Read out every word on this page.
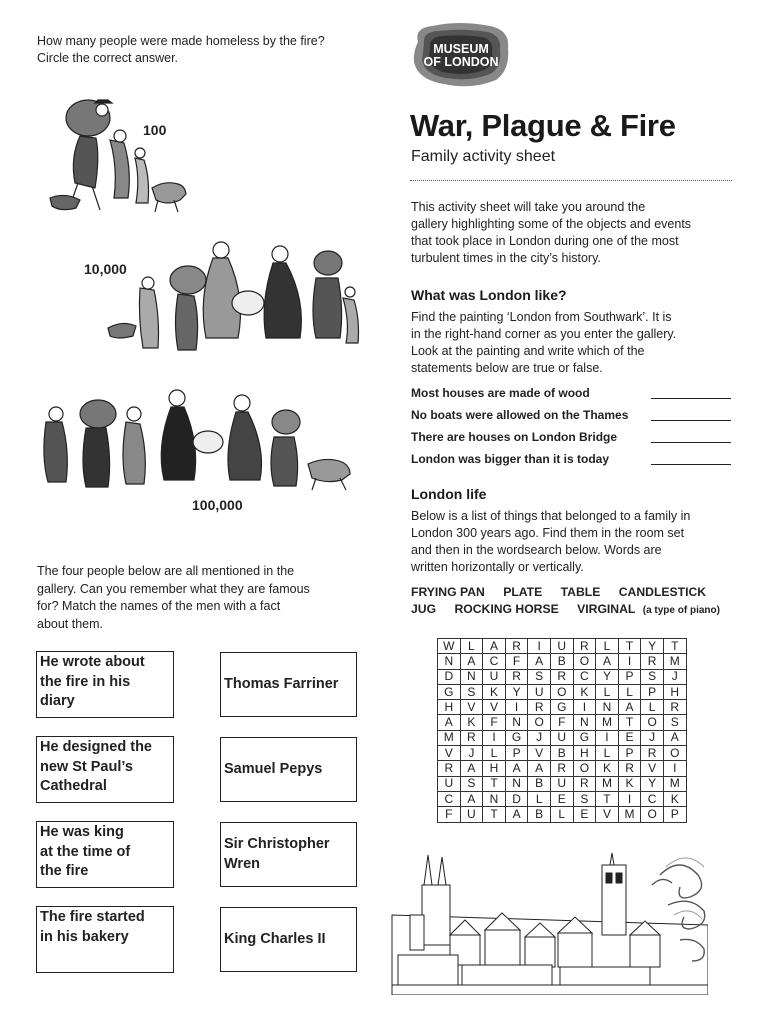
How many people were made homeless by the fire?
Circle the correct answer.
100
10,000
100,000
The four people below are all mentioned in the
gallery. Can you remember what they are famous
for? Match the names of the men with a fact
about them.
He wrote about
the fire in his
diary
He designed the
new St Paul’s
Cathedral
He was king
at the time of
the fire
The fire started
in his bakery
Thomas Farriner
Samuel Pepys
Sir Christopher
Wren
King Charles II
MUSEUM
OF LONDON
War, Plague & Fire
Family activity sheet
This activity sheet will take you around the
gallery highlighting some of the objects and events
that took place in London during one of the most
turbulent times in the city’s history.
What was London like?
Find the painting ‘London from Southwark’. It is
in the right-hand corner as you enter the gallery.
Look at the painting and write which of the
statements below are true or false.
Most houses are made of wood
No boats were allowed on the Thames
There are houses on London Bridge
London was bigger than it is today
London life
Below is a list of things that belonged to a family in
London 300 years ago. Find them in the room set
and then in the wordsearch below. Words are
written horizontally or vertically.
FRYING PAN PLATE TABLE CANDLESTICK
JUG ROCKING HORSE VIRGINAL (a type of piano)
W	L	A	R	I	U	R	L	T	Y	T
N	A	C	F	A	B	O	A	I	R	M
D	N	U	R	S	R	C	Y	P	S	J
G	S	K	Y	U	O	K	L	L	P	H
H	V	V	I	R	G	I	N	A	L	R
A	K	F	N	O	F	N	M	T	O	S
M	R	I	G	J	U	G	I	E	J	A
V	J	L	P	V	B	H	L	P	R	O
R	A	H	A	A	R	O	K	R	V	I
U	S	T	N	B	U	R	M	K	Y	M
C	A	N	D	L	E	S	T	I	C	K
F	U	T	A	B	L	E	V	M	O	P
